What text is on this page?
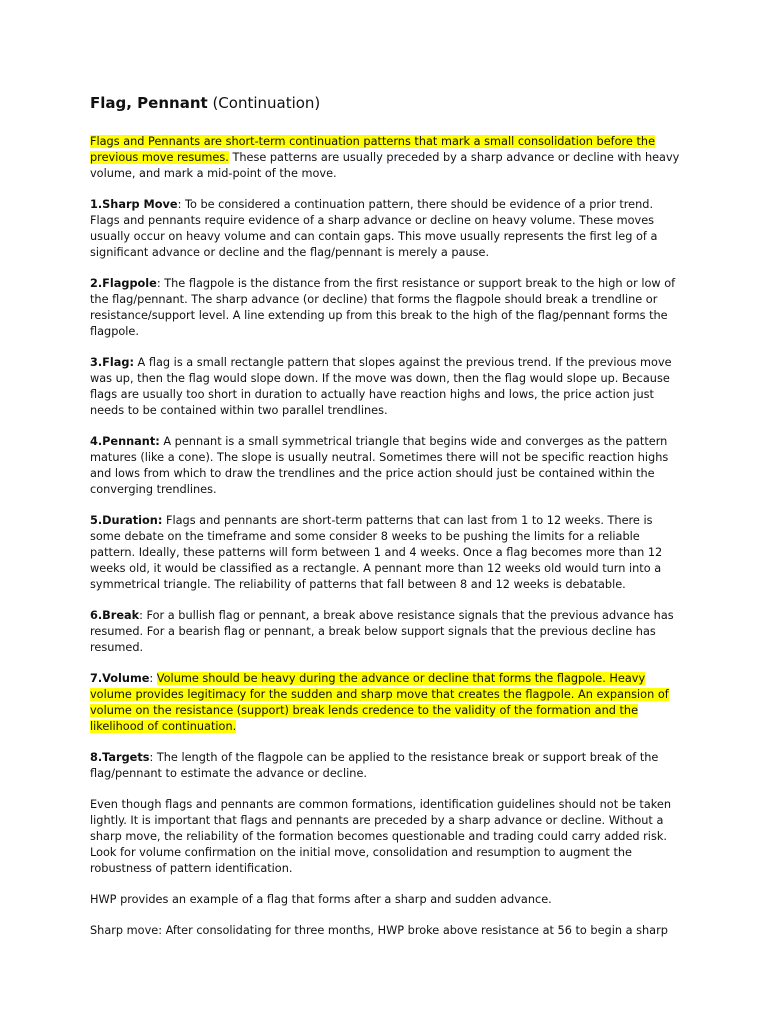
Flag, Pennant (Continuation)

Flags and Pennants are short-term continuation patterns that mark a small consolidation before the previous move resumes. These patterns are usually preceded by a sharp advance or decline with heavy volume, and mark a mid-point of the move.

1.Sharp Move: To be considered a continuation pattern, there should be evidence of a prior trend. Flags and pennants require evidence of a sharp advance or decline on heavy volume. These moves usually occur on heavy volume and can contain gaps. This move usually represents the first leg of a significant advance or decline and the flag/pennant is merely a pause.

2.Flagpole: The flagpole is the distance from the first resistance or support break to the high or low of the flag/pennant. The sharp advance (or decline) that forms the flagpole should break a trendline or resistance/support level. A line extending up from this break to the high of the flag/pennant forms the flagpole.

3.Flag: A flag is a small rectangle pattern that slopes against the previous trend. If the previous move was up, then the flag would slope down. If the move was down, then the flag would slope up. Because flags are usually too short in duration to actually have reaction highs and lows, the price action just needs to be contained within two parallel trendlines.

4.Pennant: A pennant is a small symmetrical triangle that begins wide and converges as the pattern matures (like a cone). The slope is usually neutral. Sometimes there will not be specific reaction highs and lows from which to draw the trendlines and the price action should just be contained within the converging trendlines.

5.Duration: Flags and pennants are short-term patterns that can last from 1 to 12 weeks. There is some debate on the timeframe and some consider 8 weeks to be pushing the limits for a reliable pattern. Ideally, these patterns will form between 1 and 4 weeks. Once a flag becomes more than 12 weeks old, it would be classified as a rectangle. A pennant more than 12 weeks old would turn into a symmetrical triangle. The reliability of patterns that fall between 8 and 12 weeks is debatable.

6.Break: For a bullish flag or pennant, a break above resistance signals that the previous advance has resumed. For a bearish flag or pennant, a break below support signals that the previous decline has resumed.

7.Volume: Volume should be heavy during the advance or decline that forms the flagpole. Heavy volume provides legitimacy for the sudden and sharp move that creates the flagpole. An expansion of volume on the resistance (support) break lends credence to the validity of the formation and the likelihood of continuation.

8.Targets: The length of the flagpole can be applied to the resistance break or support break of the flag/pennant to estimate the advance or decline.

Even though flags and pennants are common formations, identification guidelines should not be taken lightly. It is important that flags and pennants are preceded by a sharp advance or decline. Without a sharp move, the reliability of the formation becomes questionable and trading could carry added risk. Look for volume confirmation on the initial move, consolidation and resumption to augment the robustness of pattern identification.

HWP provides an example of a flag that forms after a sharp and sudden advance.

Sharp move: After consolidating for three months, HWP broke above resistance at 56 to begin a sharp
